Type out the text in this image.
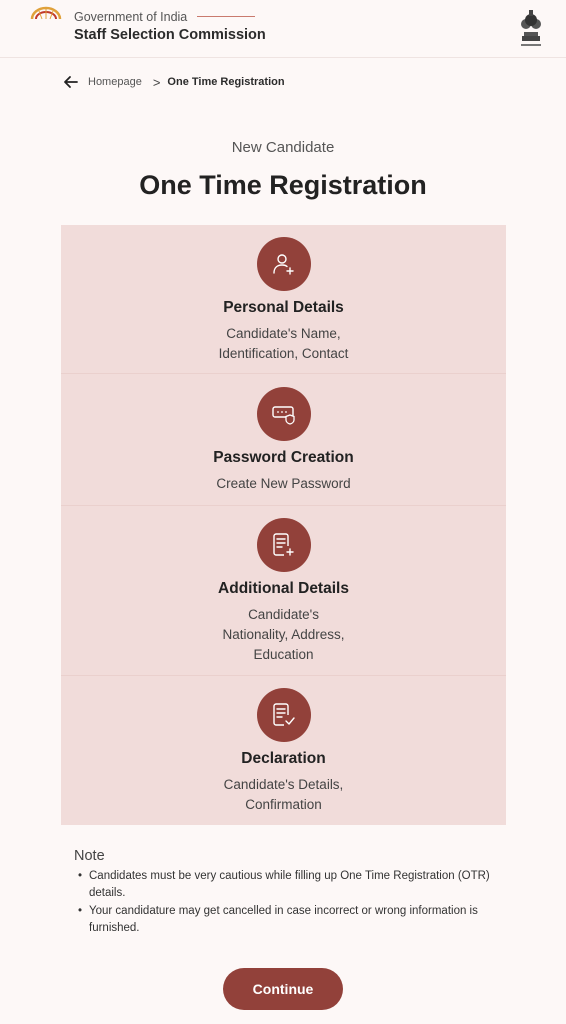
Government of India
Staff Selection Commission
Homepage > One Time Registration
New Candidate
One Time Registration
Personal Details
Candidate's Name,
Identification, Contact
Password Creation
Create New Password
Additional Details
Candidate's
Nationality, Address,
Education
Declaration
Candidate's Details,
Confirmation
Note
• Candidates must be very cautious while filling up One Time Registration (OTR) details.
• Your candidature may get cancelled in case incorrect or wrong information is furnished.
Continue
